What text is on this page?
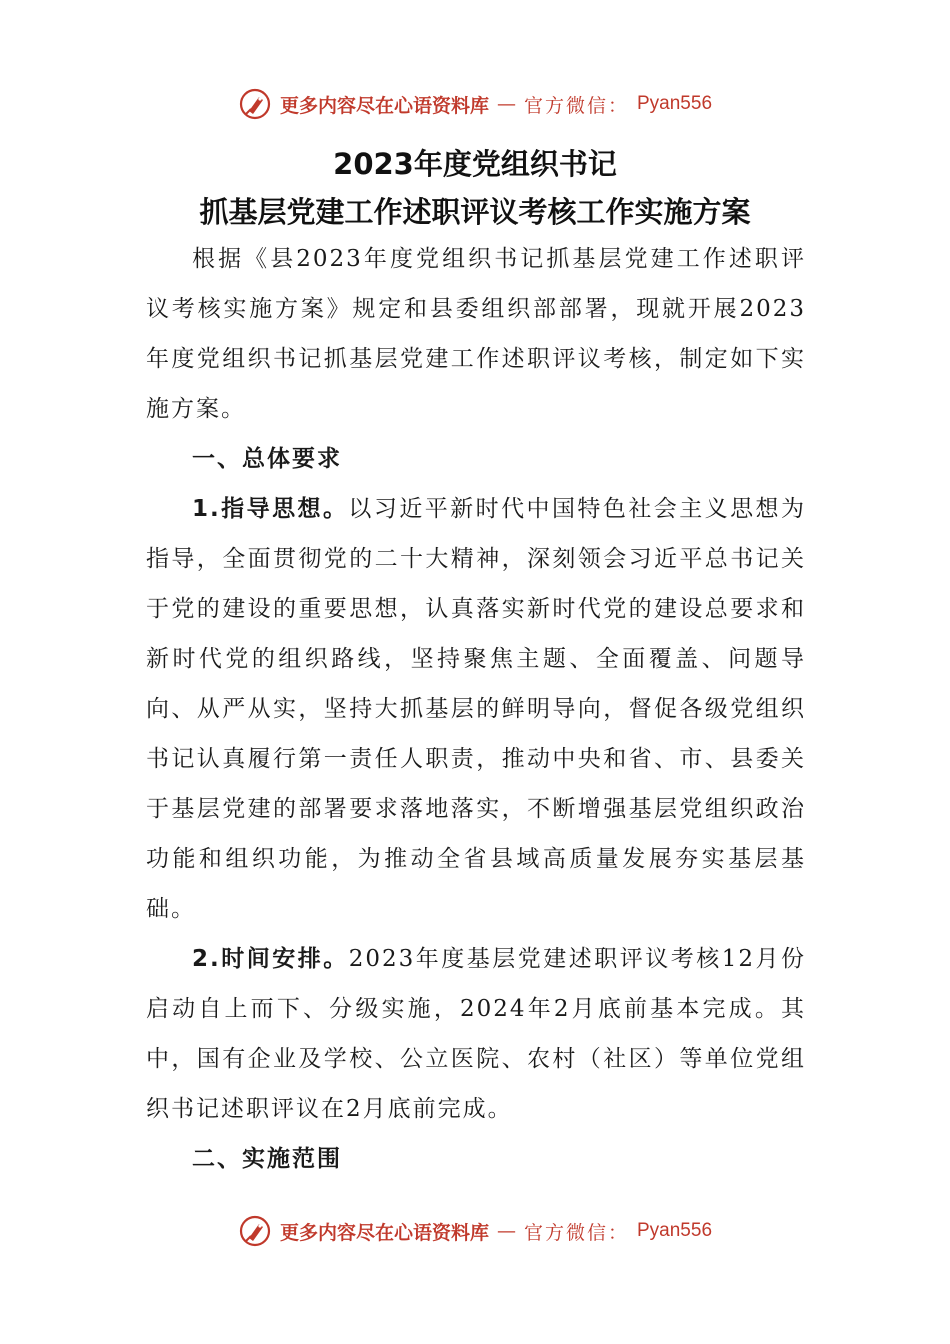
更多内容尽在心语资料库 — 官方微信： Pyan556
2023年度党组织书记
抓基层党建工作述职评议考核工作实施方案

根据《县2023年度党组织书记抓基层党建工作述职评议考核实施方案》规定和县委组织部部署，现就开展2023年度党组织书记抓基层党建工作述职评议考核，制定如下实施方案。

一、总体要求

1.指导思想。以习近平新时代中国特色社会主义思想为指导，全面贯彻党的二十大精神，深刻领会习近平总书记关于党的建设的重要思想，认真落实新时代党的建设总要求和新时代党的组织路线，坚持聚焦主题、全面覆盖、问题导向、从严从实，坚持大抓基层的鲜明导向，督促各级党组织书记认真履行第一责任人职责，推动中央和省、市、县委关于基层党建的部署要求落地落实，不断增强基层党组织政治功能和组织功能，为推动全省县域高质量发展夯实基层基础。

2.时间安排。2023年度基层党建述职评议考核12月份启动自上而下、分级实施，2024年2月底前基本完成。其中，国有企业及学校、公立医院、农村（社区）等单位党组织书记述职评议在2月底前完成。

二、实施范围
更多内容尽在心语资料库 — 官方微信： Pyan556
